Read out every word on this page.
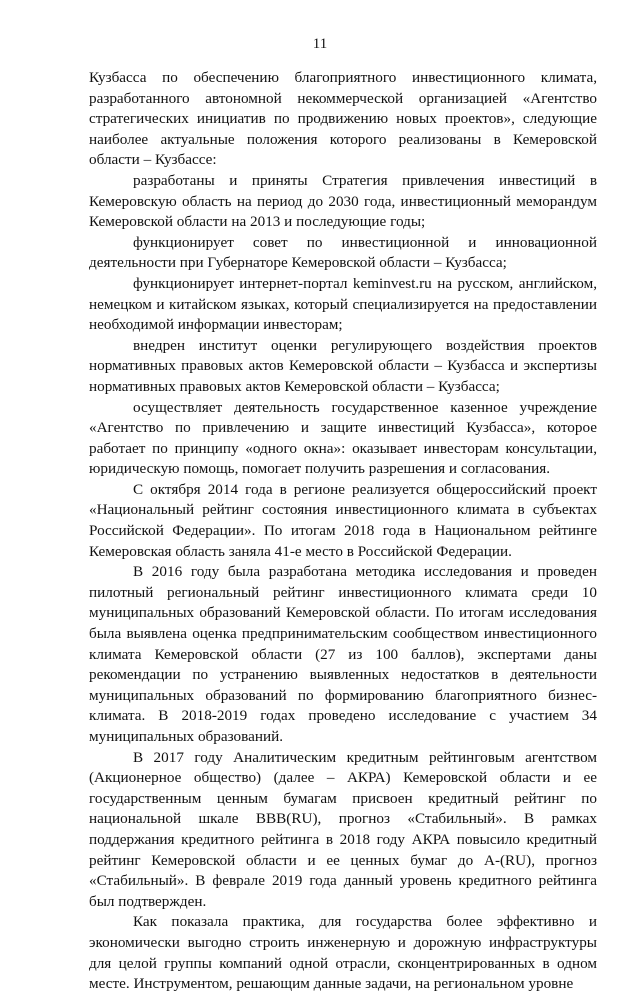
11

Кузбасса по обеспечению благоприятного инвестиционного климата, разработанного автономной некоммерческой организацией «Агентство стратегических инициатив по продвижению новых проектов», следующие наиболее актуальные положения которого реализованы в Кемеровской области – Кузбассе:

разработаны и приняты Стратегия привлечения инвестиций в Кемеровскую область на период до 2030 года, инвестиционный меморандум Кемеровской области на 2013 и последующие годы;

функционирует совет по инвестиционной и инновационной деятельности при Губернаторе Кемеровской области – Кузбасса;

функционирует интернет-портал keminvest.ru на русском, английском, немецком и китайском языках, который специализируется на предоставлении необходимой информации инвесторам;

внедрен институт оценки регулирующего воздействия проектов нормативных правовых актов Кемеровской области – Кузбасса и экспертизы нормативных правовых актов Кемеровской области – Кузбасса;

осуществляет деятельность государственное казенное учреждение «Агентство по привлечению и защите инвестиций Кузбасса», которое работает по принципу «одного окна»: оказывает инвесторам консультации, юридическую помощь, помогает получить разрешения и согласования.

С октября 2014 года в регионе реализуется общероссийский проект «Национальный рейтинг состояния инвестиционного климата в субъектах Российской Федерации». По итогам 2018 года в Национальном рейтинге Кемеровская область заняла 41-е место в Российской Федерации.

В 2016 году была разработана методика исследования и проведен пилотный региональный рейтинг инвестиционного климата среди 10 муниципальных образований Кемеровской области. По итогам исследования была выявлена оценка предпринимательским сообществом инвестиционного климата Кемеровской области (27 из 100 баллов), экспертами даны рекомендации по устранению выявленных недостатков в деятельности муниципальных образований по формированию благоприятного бизнес-климата. В 2018-2019 годах проведено исследование с участием 34 муниципальных образований.

В 2017 году Аналитическим кредитным рейтинговым агентством (Акционерное общество) (далее – АКРА) Кемеровской области и ее государственным ценным бумагам присвоен кредитный рейтинг по национальной шкале BBB(RU), прогноз «Стабильный». В рамках поддержания кредитного рейтинга в 2018 году АКРА повысило кредитный рейтинг Кемеровской области и ее ценных бумаг до A-(RU), прогноз «Стабильный». В феврале 2019 года данный уровень кредитного рейтинга был подтвержден.

Как показала практика, для государства более эффективно и экономически выгодно строить инженерную и дорожную инфраструктуры для целой группы компаний одной отрасли, сконцентрированных в одном месте. Инструментом, решающим данные задачи, на региональном уровне
